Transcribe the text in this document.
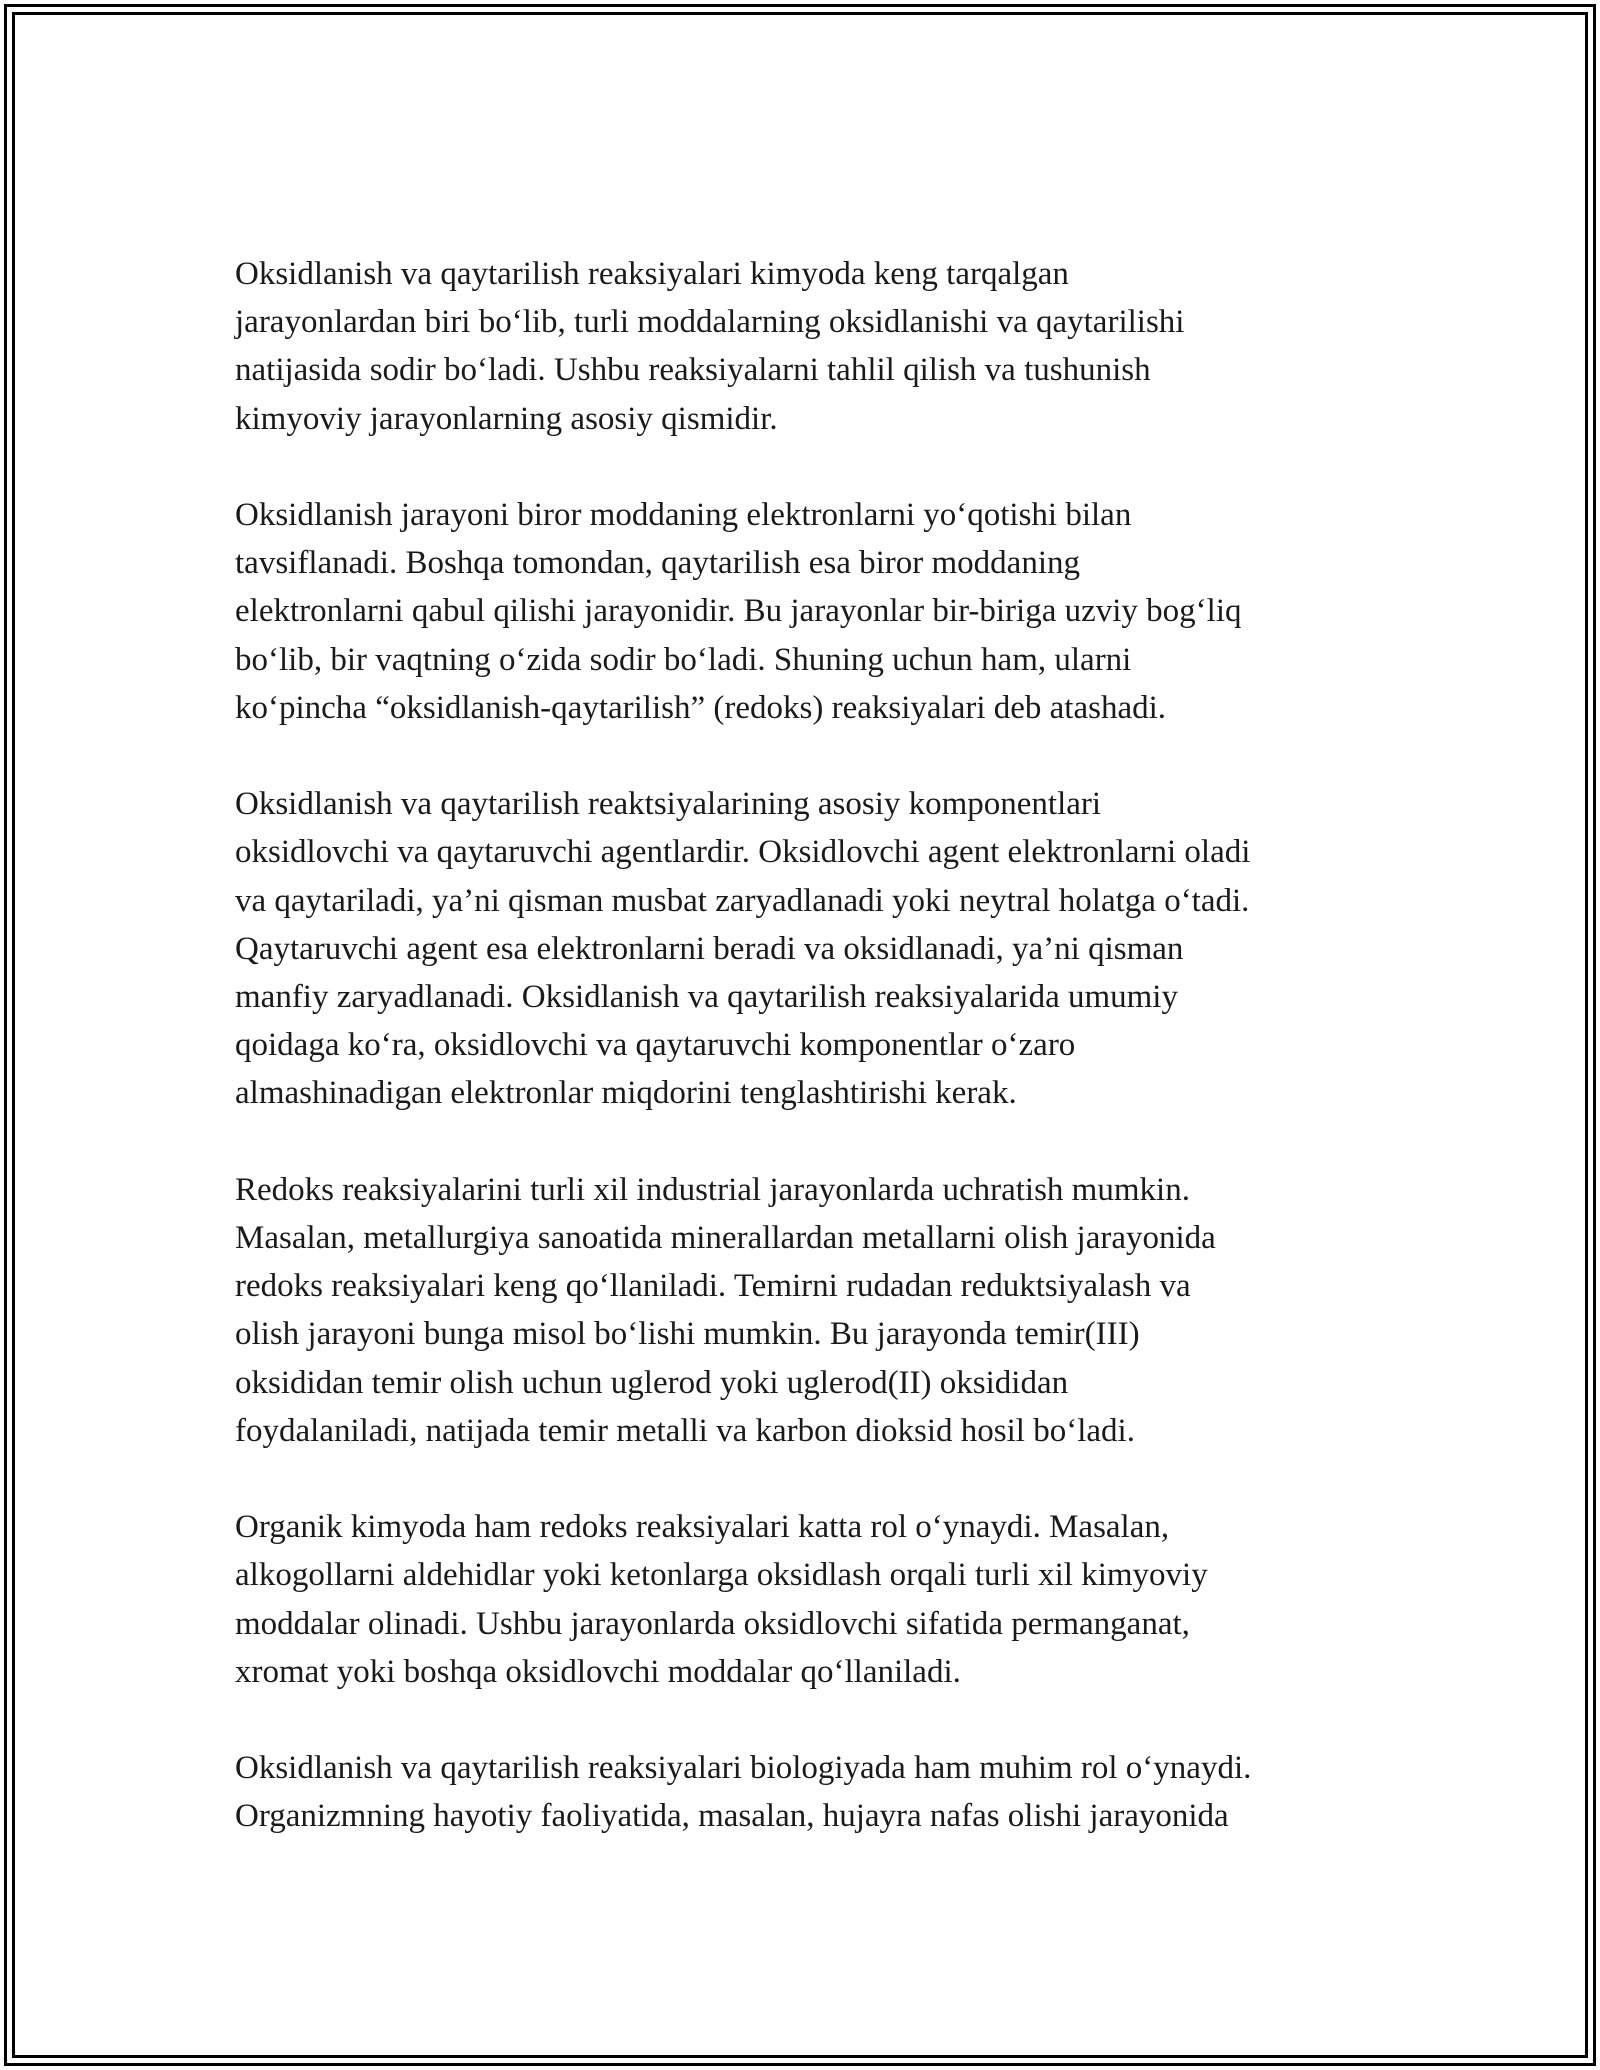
Oksidlanish va qaytarilish reaksiyalari kimyoda keng tarqalgan
jarayonlardan biri bo‘lib, turli moddalarning oksidlanishi va qaytarilishi
natijasida sodir bo‘ladi. Ushbu reaksiyalarni tahlil qilish va tushunish
kimyoviy jarayonlarning asosiy qismidir.
Oksidlanish jarayoni biror moddaning elektronlarni yo‘qotishi bilan
tavsiflanadi. Boshqa tomondan, qaytarilish esa biror moddaning
elektronlarni qabul qilishi jarayonidir. Bu jarayonlar bir-biriga uzviy bog‘liq
bo‘lib, bir vaqtning o‘zida sodir bo‘ladi. Shuning uchun ham, ularni
ko‘pincha “oksidlanish-qaytarilish” (redoks) reaksiyalari deb atashadi.
Oksidlanish va qaytarilish reaktsiyalarining asosiy komponentlari
oksidlovchi va qaytaruvchi agentlardir. Oksidlovchi agent elektronlarni oladi
va qaytariladi, ya’ni qisman musbat zaryadlanadi yoki neytral holatga o‘tadi.
Qaytaruvchi agent esa elektronlarni beradi va oksidlanadi, ya’ni qisman
manfiy zaryadlanadi. Oksidlanish va qaytarilish reaksiyalarida umumiy
qoidaga ko‘ra, oksidlovchi va qaytaruvchi komponentlar o‘zaro
almashinadigan elektronlar miqdorini tenglashtirishi kerak.
Redoks reaksiyalarini turli xil industrial jarayonlarda uchratish mumkin.
Masalan, metallurgiya sanoatida minerallardan metallarni olish jarayonida
redoks reaksiyalari keng qo‘llaniladi. Temirni rudadan reduktsiyalash va
olish jarayoni bunga misol bo‘lishi mumkin. Bu jarayonda temir(III)
oksididan temir olish uchun uglerod yoki uglerod(II) oksididan
foydalaniladi, natijada temir metalli va karbon dioksid hosil bo‘ladi.
Organik kimyoda ham redoks reaksiyalari katta rol o‘ynaydi. Masalan,
alkogollarni aldehidlar yoki ketonlarga oksidlash orqali turli xil kimyoviy
moddalar olinadi. Ushbu jarayonlarda oksidlovchi sifatida permanganat,
xromat yoki boshqa oksidlovchi moddalar qo‘llaniladi.
Oksidlanish va qaytarilish reaksiyalari biologiyada ham muhim rol o‘ynaydi.
Organizmning hayotiy faoliyatida, masalan, hujayra nafas olishi jarayonida
